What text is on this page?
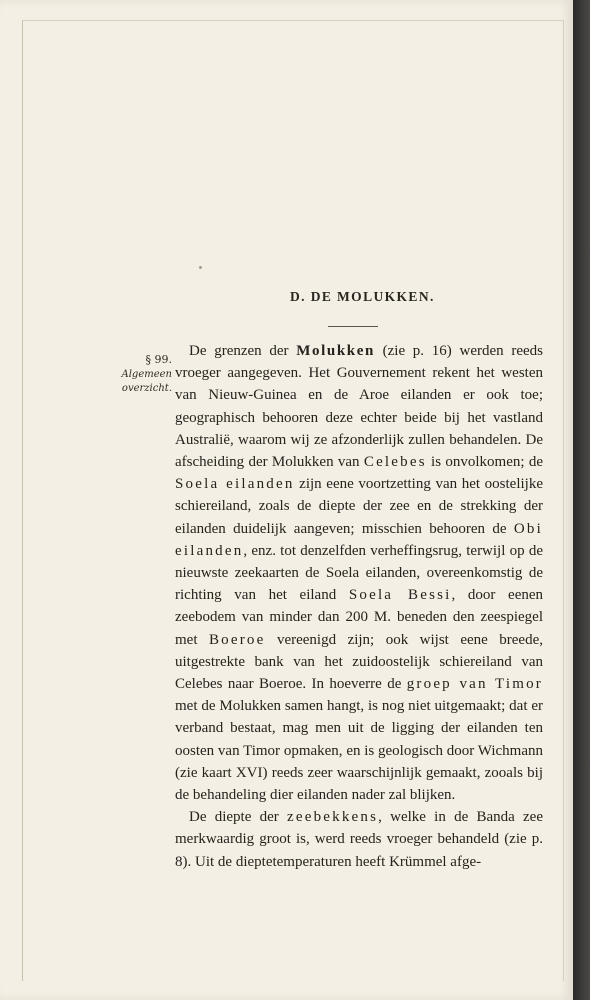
D. DE MOLUKKEN.
§ 99.
Algemeen
overzicht.

De grenzen der Molukken (zie p. 16) werden reeds vroeger aangegeven. Het Gouvernement rekent het westen van Nieuw-Guinea en de Aroe eilanden er ook toe; geographisch behooren deze echter beide bij het vastland Australië, waarom wij ze afzonderlijk zullen behandelen. De afscheiding der Molukken van Celebes is onvolkomen; de Soela eilanden zijn eene voortzetting van het oostelijke schiereiland, zoals de diepte der zee en de strekking der eilanden duidelijk aangeven; misschien behooren de Obi eilanden, enz. tot denzelfden verheffingsrug, terwijl op de nieuwste zeekaarten de Soela eilanden, overeenkomstig de richting van het eiland Soela Bessi, door eenen zeebodem van minder dan 200 M. beneden den zeespiegel met Boeroe vereenigd zijn; ook wijst eene breede, uitgestrekte bank van het zuidoostelijk schiereiland van Celebes naar Boeroe. In hoeverre de groep van Timor met de Molukken samen hangt, is nog niet uitgemaakt; dat er verband bestaat, mag men uit de ligging der eilanden ten oosten van Timor opmaken, en is geologisch door Wichmann (zie kaart XVI) reeds zeer waarschijnlijk gemaakt, zooals bij de behandeling dier eilanden nader zal blijken.

De diepte der zeebekkens, welke in de Banda zee merkwaardig groot is, werd reeds vroeger behandeld (zie p. 8). Uit de dieptetemperaturen heeft Krümmel afge-
